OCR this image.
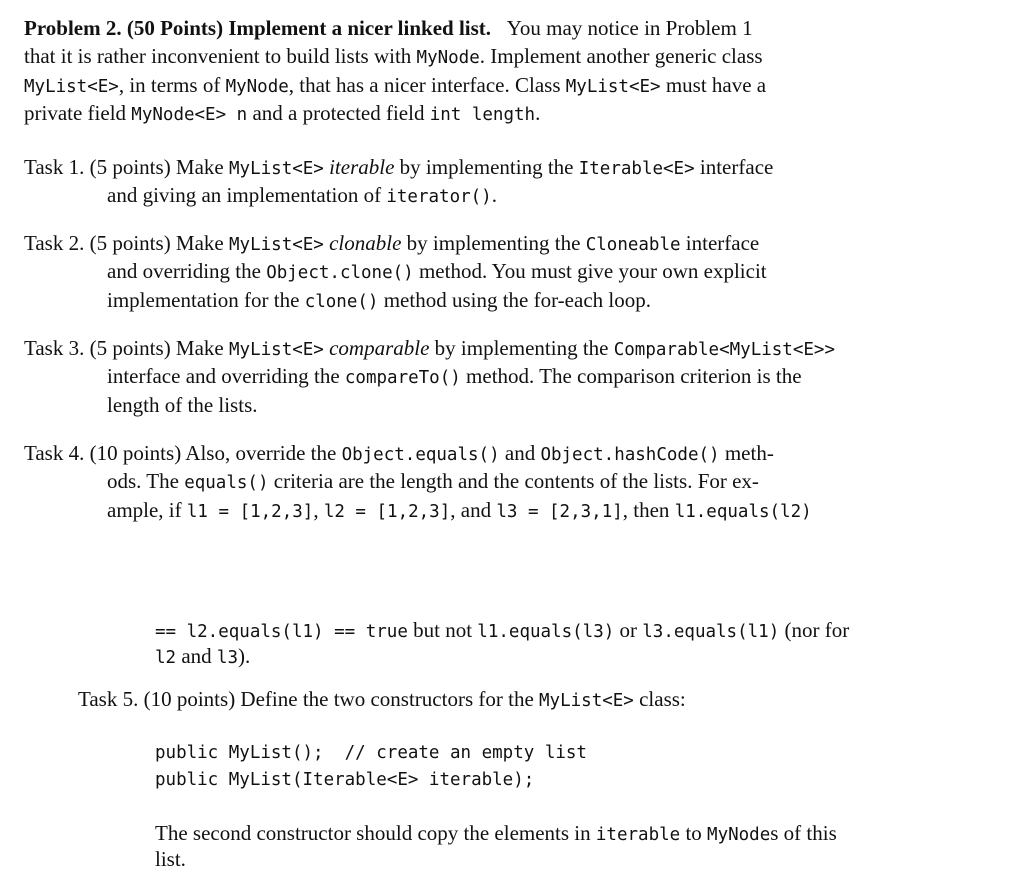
Problem 2. (50 Points) Implement a nicer linked list. You may notice in Problem 1
that it is rather inconvenient to build lists with MyNode. Implement another generic class
MyList<E>, in terms of MyNode, that has a nicer interface. Class MyList<E> must have a
private field MyNode<E> n and a protected field int length.
Task 1. (5 points) Make MyList<E> iterable by implementing the Iterable<E> interface
and giving an implementation of iterator().
Task 2. (5 points) Make MyList<E> clonable by implementing the Cloneable interface
and overriding the Object.clone() method. You must give your own explicit
implementation for the clone() method using the for-each loop.
Task 3. (5 points) Make MyList<E> comparable by implementing the Comparable<MyList<E>>
interface and overriding the compareTo() method. The comparison criterion is the
length of the lists.
Task 4. (10 points) Also, override the Object.equals() and Object.hashCode() meth-
ods. The equals() criteria are the length and the contents of the lists. For ex-
ample, if l1 = [1,2,3], l2 = [1,2,3], and l3 = [2,3,1], then l1.equals(l2)
== l2.equals(l1) == true but not l1.equals(l3) or l3.equals(l1) (nor for
l2 and l3).
Task 5. (10 points) Define the two constructors for the MyList<E> class:
public MyList();  // create an empty list
public MyList(Iterable<E> iterable);
The second constructor should copy the elements in iterable to MyNodes of this
list.
